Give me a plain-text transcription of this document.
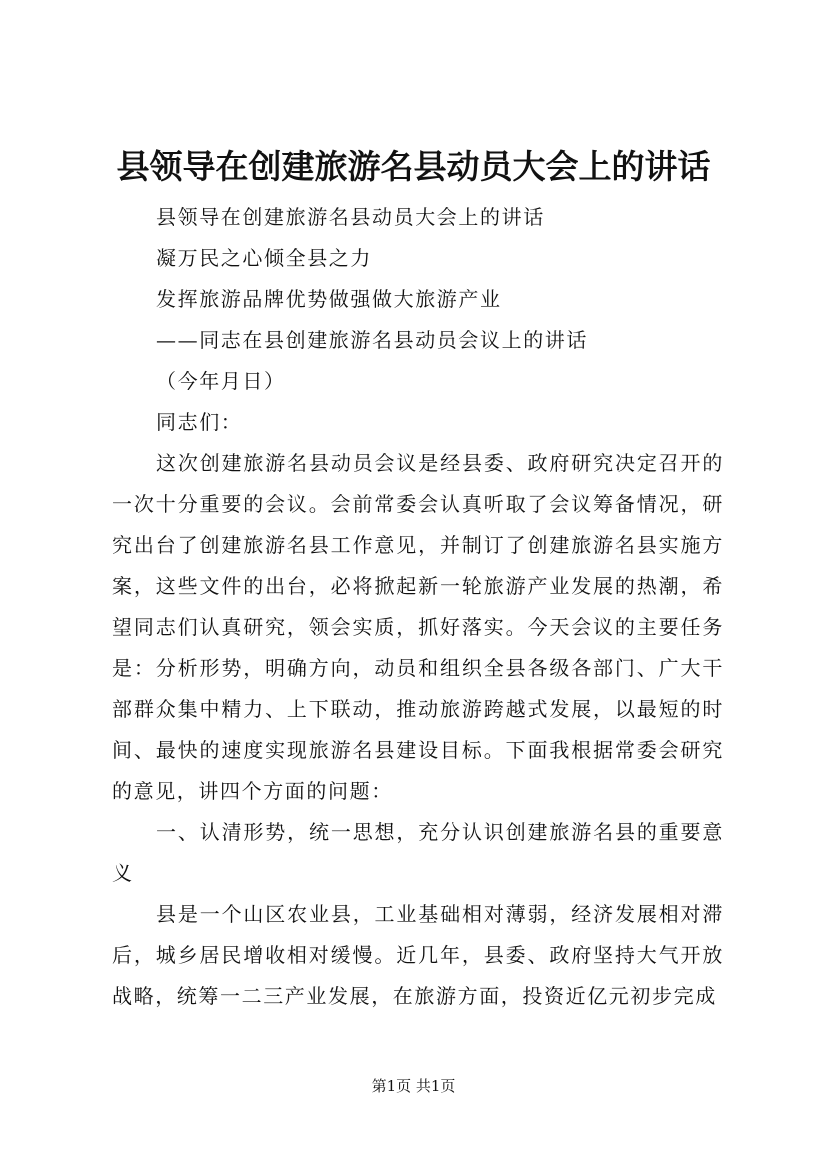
县领导在创建旅游名县动员大会上的讲话
县领导在创建旅游名县动员大会上的讲话
凝万民之心倾全县之力
发挥旅游品牌优势做强做大旅游产业
——同志在县创建旅游名县动员会议上的讲话
（今年月日）
同志们：

这次创建旅游名县动员会议是经县委、政府研究决定召开的一次十分重要的会议。会前常委会认真听取了会议筹备情况，研究出台了创建旅游名县工作意见，并制订了创建旅游名县实施方案，这些文件的出台，必将掀起新一轮旅游产业发展的热潮，希望同志们认真研究，领会实质，抓好落实。今天会议的主要任务是：分析形势，明确方向，动员和组织全县各级各部门、广大干部群众集中精力、上下联动，推动旅游跨越式发展，以最短的时间、最快的速度实现旅游名县建设目标。下面我根据常委会研究的意见，讲四个方面的问题：

一、认清形势，统一思想，充分认识创建旅游名县的重要意义

县是一个山区农业县，工业基础相对薄弱，经济发展相对滞后，城乡居民增收相对缓慢。近几年，县委、政府坚持大气开放战略，统筹一二三产业发展，在旅游方面，投资近亿元初步完成

第1页 共1页
